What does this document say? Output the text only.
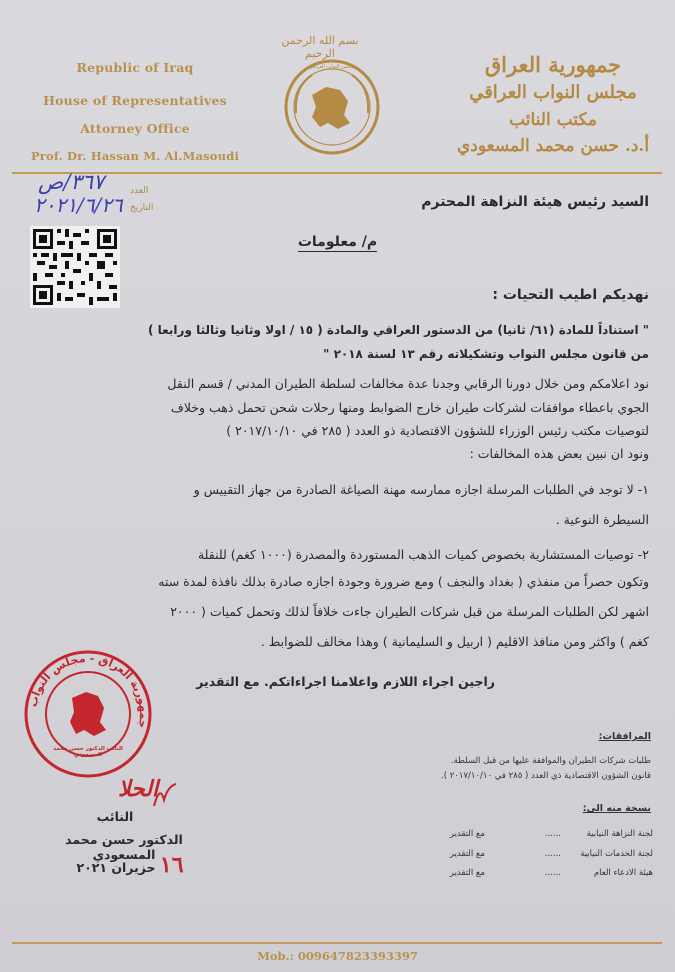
Republic of Iraq
House of Representatives
Attorney Office
Prof. Dr. Hassan M. Al.Masoudi
بسم الله الرحمن الرحيم
مجلس النواب العراقي	جمهورية العراق
مجلس النواب العراقي
مكتب النائب
أ.د. حسن محمد المسعودي
العدد
التاريخ
٣٦٧/ص
٢٠٢١/٦/٢٦	السيد رئيس هيئة النزاهة المحترم
م/ معلومات
نهديكم اطيب التحيات :
" استناداً للمادة (٦١/ ثانيا) من الدستور العراقي والمادة ( ١٥ / اولا وثانيا وثالثا ورابعا )
من قانون مجلس النواب وتشكيلاته رقم ١٣ لسنة ٢٠١٨ "
نود اعلامكم ومن خلال دورنا الرقابي وجدنا عدة مخالفات لسلطة الطيران المدني / قسم النقل
الجوي باعطاء موافقات لشركات طيران خارج الضوابط ومنها رحلات شحن تحمل ذهب وخلاف
لتوصيات مكتب رئيس الوزراء للشؤون الاقتصادية ذو العدد ( ٢٨٥ في ٢٠١٧/١٠/١٠ )
ونود ان نبين بعض هذه المخالفات :
١- لا توجد في الطلبات المرسلة اجازه ممارسه مهنة الصياغة الصادرة من جهاز التقييس و
السيطرة النوعية .
٢- توصيات المستشارية بخصوص كميات الذهب المستوردة والمصدرة (١٠٠٠ كغم) للنقلة
وتكون حصراً من منفذي ( بغداد والنجف ) ومع ضرورة وجودة اجازه صادرة بذلك نافذة لمدة سته
اشهر لكن الطلبات المرسلة من قبل شركات الطيران جاءت خلافاً لذلك وتحمل كميات ( ٢٠٠٠
كغم ) واكثر ومن منافذ الاقليم ( اربيل و السليمانية ) وهذا مخالف للضوابط .
راجين اجراء اللازم واعلامنا اجراءاتكم. مع التقدير
المرافقات:
طلبات شركات الطيران والموافقة عليها من قبل السلطة.
قانون الشؤون الاقتصادية ذي العدد ( ٢٨٥ في ٢٠١٧/١٠/١٠ ).
نسخة منه الى:
لجنة النزاهة النيابية
......
مع التقدير
لجنة الخدمات النيابية
......
مع التقدير
هيئة الادعاء العام
......
مع التقدير
جمهورية العراق - مجلس النواب
النائب الدكتور حسن محمد المسعودي
الحلا
النائب
الدكتور حسن محمد المسعودي ١٦ حزيران ٢٠٢١
Mob.: 009647823393397
